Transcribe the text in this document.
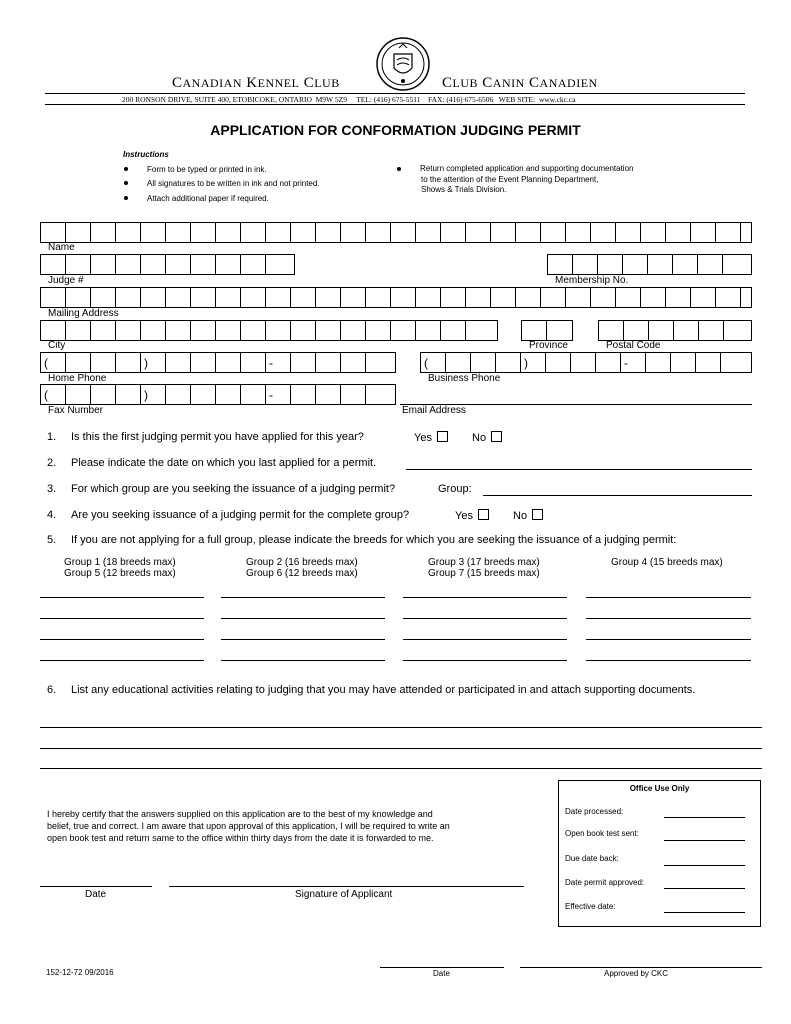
CANADIAN KENNEL CLUB	CLUB CANIN CANADIEN
200 RONSON DRIVE, SUITE 400, ETOBICOKE, ONTARIO  M9W 5Z9     TEL: (416) 675-5511    FAX: (416) 675-6506   WEB SITE:  www.ckc.ca
APPLICATION FOR CONFORMATION JUDGING PERMIT
Instructions
Form to be typed or printed in ink.
All signatures to be written in ink and not printed.
Attach additional paper if required.
Return completed application and supporting documentation
to the attention of the Event Planning Department,
Shows & Trials Division.
Name
Judge #	Membership No.
Mailing Address
City	Province	Postal Code
(	)	-
Home Phone
(	)	-
Business Phone
(	)	-
Fax Number	Email Address
1. Is this the first judging permit you have applied for this year?	Yes	No
2. Please indicate the date on which you last applied for a permit.
3. For which group are you seeking the issuance of a judging permit?	Group:
4. Are you seeking issuance of a judging permit for the complete group?	Yes	No
5. If you are not applying for a full group, please indicate the breeds for which you are seeking the issuance of a judging permit:
Group 1 (18 breeds max)
Group 5 (12 breeds max)
Group 2 (16 breeds max)
Group 6 (12 breeds max)
Group 3 (17 breeds max)
Group 7 (15 breeds max)
Group 4 (15 breeds max)
6. List any educational activities relating to judging that you may have attended or participated in and attach supporting documents.
I hereby certify that the answers supplied on this application are to the best of my knowledge and
belief, true and correct. I am aware that upon approval of this application, I will be required to write an
open book test and return same to the office within thirty days from the date it is forwarded to me.
Date	Signature of Applicant
Office Use Only
Date processed:
Open book test sent:
Due date back:
Date permit approved:
Effective date:
152-12-72 09/2016	Date	Approved by CKC
